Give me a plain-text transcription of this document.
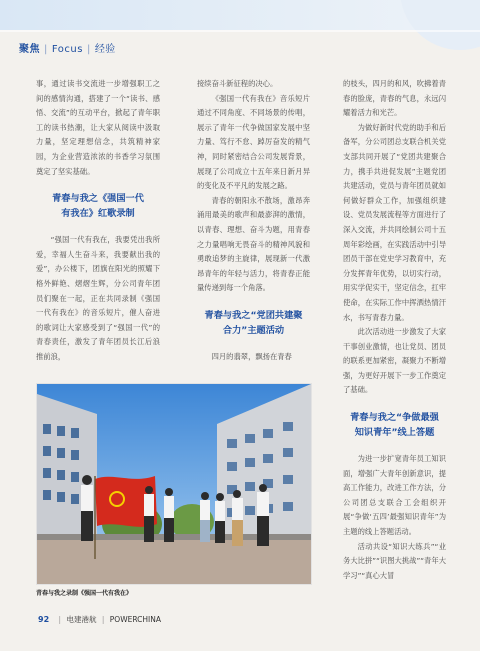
聚焦 | Focus | 经验

事，通过读书交流进一步增强职工之间的感情沟通，搭建了一个“读书、感悟、交流”的互动平台，掀起了青年职工的读书热潮，让大家从阅读中汲取力量，坚定理想信念，共筑精神家园，为企业营造浓浓的书香学习氛围奠定了坚实基础。

青春与我之《强国一代
有我在》红歌录制

“强国一代有我在，我要凭出我所爱，幸福人生奋斗来，我要献出我的爱”，办公楼下，团旗在阳光的照耀下格外鲜艳、熠熠生辉，分公司青年团员们聚在一起，正在共同录制《强国一代有我在》的音乐短片，催人奋进的歌词让大家感受到了“强国一代”的青春责任，激发了青年团员长江后浪推前浪，

接续奋斗新征程的决心。

《强国一代有我在》音乐短片通过不同角度、不同场景的传唱，展示了青年一代争做国家发展中坚力量、笃行不怠、踔厉奋发的精气神，同时紧密结合公司发展背景，展现了公司成立十五年来日新月异的变化及不平凡的发展之路。

青春的朝阳永不散场，激昂奔涌用最美的歌声和最澎湃的激情，以青春、理想、奋斗为题，用青春之力量唱响无畏奋斗的精神风貌和勇敢追梦的主旋律，展现新一代激昂青年的年轻与活力，将青春正能量传递到每一个角落。

青春与我之“党团共建聚
合力”主题活动

四月的翡翠，飘扬在青春

的枝头，四月的和风，吹拂着青春的脸庞，青春的气息，永远闪耀着活力和光芒。

为做好新时代党的助手和后备军，分公司团总支联合机关党支部共同开展了“党团共建聚合力，携手共进促发展”主题党团共建活动，党员与青年团员就如何做好群众工作，加强组织建设、党员发展流程等方面进行了深入交流，并共同绘制公司十五周年彩绘画，在实践活动中引导团员干部在党史学习教育中，充分发挥青年优势，以切实行动，用实学促实干，坚定信念，扛牢使命，在实际工作中挥洒热情汗水，书写青春力量。

此次活动进一步激发了大家干事创业激情，也让党员、团员的联系更加紧密，凝聚力不断增强，为更好开展下一步工作奠定了基础。

青春与我之“争做最强
知识青年”线上答题

为进一步扩宽青年员工知识面，增强广大青年创新意识，提高工作能力，改进工作方法，分公司团总支联合工会组织开展“争做‘五四’最强知识青年”为主题的线上答题活动。

活动共设“知识大练兵”“业务大比拼”“识图大挑战”“青年大学习”“真心大冒

青春与我之录制《强国一代有我在》
92 | 电建港航 | POWERCHINA
